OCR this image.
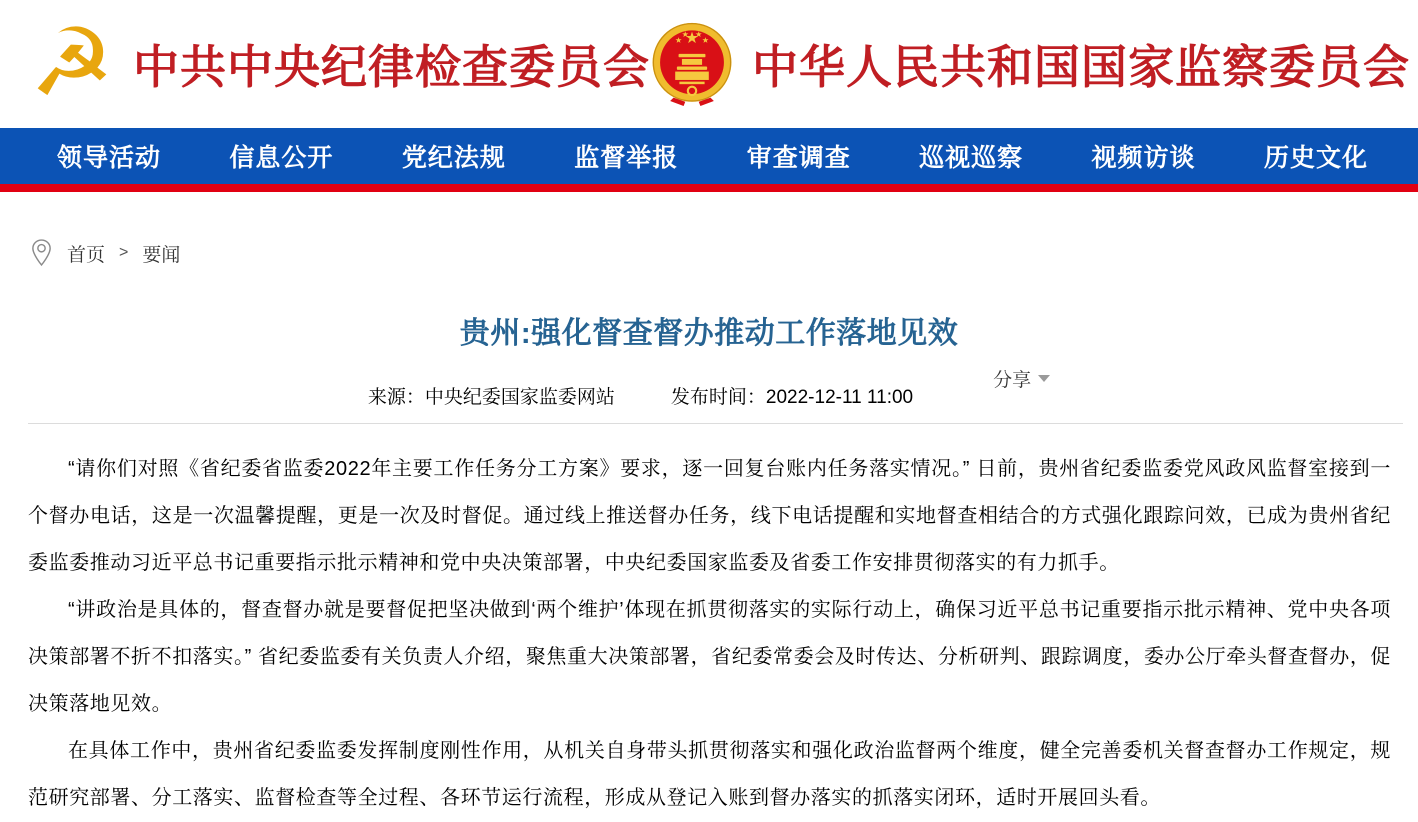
☭ 中共中央纪律检查委员会 中华人民共和国国家监察委员会
领导活动	信息公开	党纪法规	监督举报	审查调查	巡视巡察	视频访谈	历史文化
首页 > 要闻
贵州:强化督查督办推动工作落地见效
来源：中央纪委国家监委网站	发布时间：2022-12-11 11:00
分享

“请你们对照《省纪委省监委2022年主要工作任务分工方案》要求，逐一回复台账内任务落实情况。” 日前，贵州省纪委监委党风政风监督室接到一个督办电话，这是一次温馨提醒，更是一次及时督促。通过线上推送督办任务，线下电话提醒和实地督查相结合的方式强化跟踪问效，已成为贵州省纪委监委推动习近平总书记重要指示批示精神和党中央决策部署，中央纪委国家监委及省委工作安排贯彻落实的有力抓手。

“讲政治是具体的，督查督办就是要督促把坚决做到‘两个维护’体现在抓贯彻落实的实际行动上，确保习近平总书记重要指示批示精神、党中央各项决策部署不折不扣落实。” 省纪委监委有关负责人介绍，聚焦重大决策部署，省纪委常委会及时传达、分析研判、跟踪调度，委办公厅牵头督查督办，促决策落地见效。

在具体工作中，贵州省纪委监委发挥制度刚性作用，从机关自身带头抓贯彻落实和强化政治监督两个维度，健全完善委机关督查督办工作规定，规范研究部署、分工落实、监督检查等全过程、各环节运行流程，形成从登记入账到督办落实的抓落实闭环，适时开展回头看。
